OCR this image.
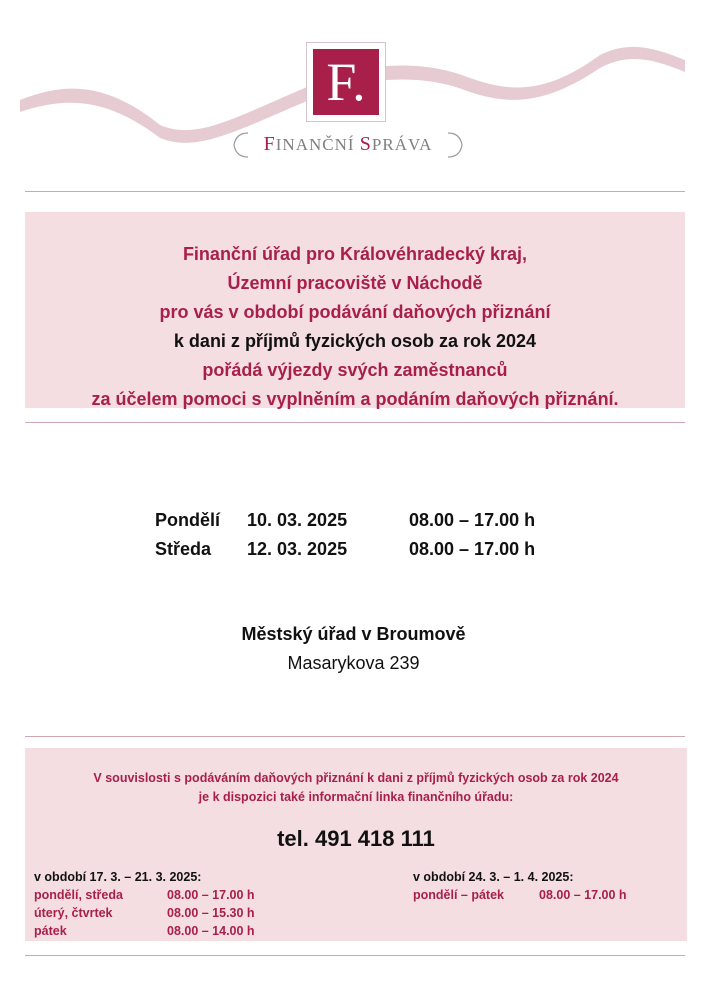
F.
FINANČNÍ SPRÁVA
Finanční úřad pro Královéhradecký kraj,
Územní pracoviště v Náchodě
pro vás v období podávání daňových přiznání
k dani z příjmů fyzických osob za rok 2024
pořádá výjezdy svých zaměstnanců
za účelem pomoci s vyplněním a podáním daňových přiznání.
Pondělí 10. 03. 2025	08.00 – 17.00 h
Středa 12. 03. 2025	08.00 – 17.00 h
Městský úřad v Broumově
Masarykova 239
V souvislosti s podáváním daňových přiznání k dani z příjmů fyzických osob za rok 2024
je k dispozici také informační linka finančního úřadu:
tel. 491 418 111
v období 17. 3. – 21. 3. 2025:
pondělí, středa	08.00 – 17.00 h
úterý, čtvrtek	08.00 – 15.30 h
pátek	08.00 – 14.00 h
v období 24. 3. – 1. 4. 2025:
pondělí – pátek	08.00 – 17.00 h
